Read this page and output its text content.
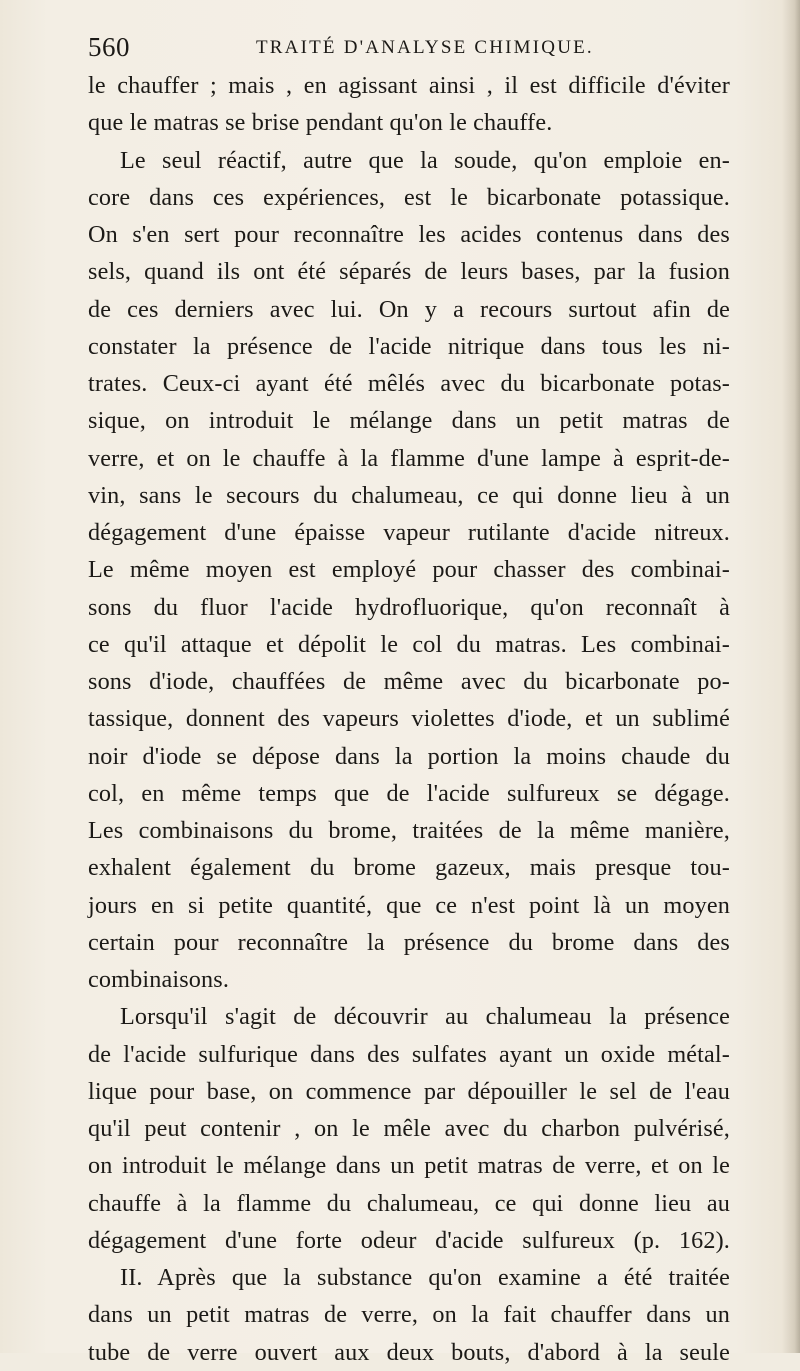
560	TRAITÉ D'ANALYSE CHIMIQUE.
le chauffer ; mais , en agissant ainsi , il est difficile d'éviter
que le matras se brise pendant qu'on le chauffe.
Le seul réactif, autre que la soude, qu'on emploie en-
core dans ces expériences, est le bicarbonate potassique.
On s'en sert pour reconnaître les acides contenus dans des
sels, quand ils ont été séparés de leurs bases, par la fusion
de ces derniers avec lui. On y a recours surtout afin de
constater la présence de l'acide nitrique dans tous les ni-
trates. Ceux-ci ayant été mêlés avec du bicarbonate potas-
sique, on introduit le mélange dans un petit matras de
verre, et on le chauffe à la flamme d'une lampe à esprit-de-
vin, sans le secours du chalumeau, ce qui donne lieu à un
dégagement d'une épaisse vapeur rutilante d'acide nitreux.
Le même moyen est employé pour chasser des combinai-
sons du fluor l'acide hydrofluorique, qu'on reconnaît à
ce qu'il attaque et dépolit le col du matras. Les combinai-
sons d'iode, chauffées de même avec du bicarbonate po-
tassique, donnent des vapeurs violettes d'iode, et un sublimé
noir d'iode se dépose dans la portion la moins chaude du
col, en même temps que de l'acide sulfureux se dégage.
Les combinaisons du brome, traitées de la même manière,
exhalent également du brome gazeux, mais presque tou-
jours en si petite quantité, que ce n'est point là un moyen
certain pour reconnaître la présence du brome dans des
combinaisons.
Lorsqu'il s'agit de découvrir au chalumeau la présence
de l'acide sulfurique dans des sulfates ayant un oxide métal-
lique pour base, on commence par dépouiller le sel de l'eau
qu'il peut contenir , on le mêle avec du charbon pulvérisé,
on introduit le mélange dans un petit matras de verre, et on le
chauffe à la flamme du chalumeau, ce qui donne lieu au
dégagement d'une forte odeur d'acide sulfureux (p. 162).
II. Après que la substance qu'on examine a été traitée
dans un petit matras de verre, on la fait chauffer dans un
tube de verre ouvert aux deux bouts, d'abord à la seule
